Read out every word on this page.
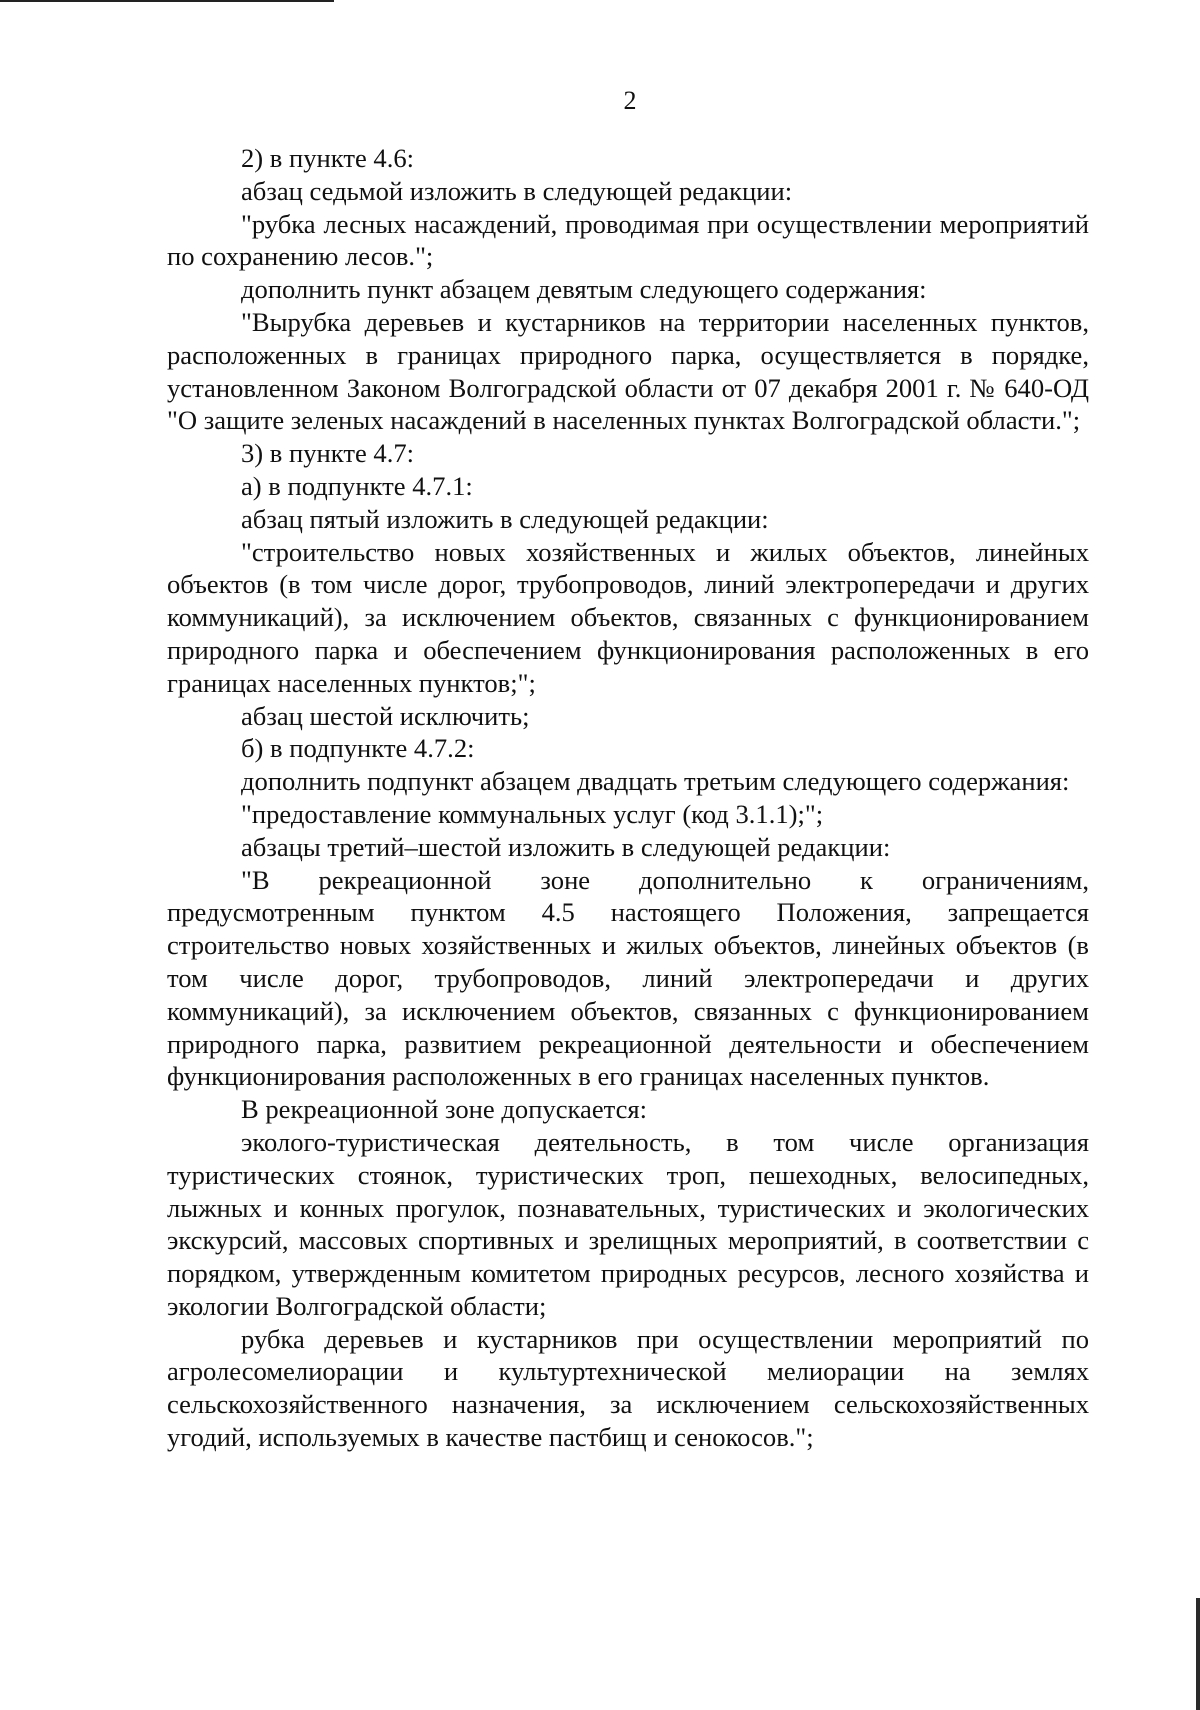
2

2) в пункте 4.6:

абзац седьмой изложить в следующей редакции:

"рубка лесных насаждений, проводимая при осуществлении мероприятий по сохранению лесов.";

дополнить пункт абзацем девятым следующего содержания:

"Вырубка деревьев и кустарников на территории населенных пунктов, расположенных в границах природного парка, осуществляется в порядке, установленном Законом Волгоградской области от 07 декабря 2001 г. № 640-ОД "О защите зеленых насаждений в населенных пунктах Волгоградской области.";

3) в пункте 4.7:

а) в подпункте 4.7.1:

абзац пятый изложить в следующей редакции:

"строительство новых хозяйственных и жилых объектов, линейных объектов (в том числе дорог, трубопроводов, линий электропередачи и других коммуникаций), за исключением объектов, связанных с функционированием природного парка и обеспечением функционирования расположенных в его границах населенных пунктов;";

абзац шестой исключить;

б) в подпункте 4.7.2:

дополнить подпункт абзацем двадцать третьим следующего содержания:

"предоставление коммунальных услуг (код 3.1.1);";

абзацы третий–шестой изложить в следующей редакции:

"В рекреационной зоне дополнительно к ограничениям, предусмотренным пунктом 4.5 настоящего Положения, запрещается строительство новых хозяйственных и жилых объектов, линейных объектов (в том числе дорог, трубопроводов, линий электропередачи и других коммуникаций), за исключением объектов, связанных с функционированием природного парка, развитием рекреационной деятельности и обеспечением функционирования расположенных в его границах населенных пунктов.

В рекреационной зоне допускается:

эколого-туристическая деятельность, в том числе организация туристических стоянок, туристических троп, пешеходных, велосипедных, лыжных и конных прогулок, познавательных, туристических и экологических экскурсий, массовых спортивных и зрелищных мероприятий, в соответствии с порядком, утвержденным комитетом природных ресурсов, лесного хозяйства и экологии Волгоградской области;

рубка деревьев и кустарников при осуществлении мероприятий по агролесомелиорации и культуртехнической мелиорации на землях сельскохозяйственного назначения, за исключением сельскохозяйственных угодий, используемых в качестве пастбищ и сенокосов.";
